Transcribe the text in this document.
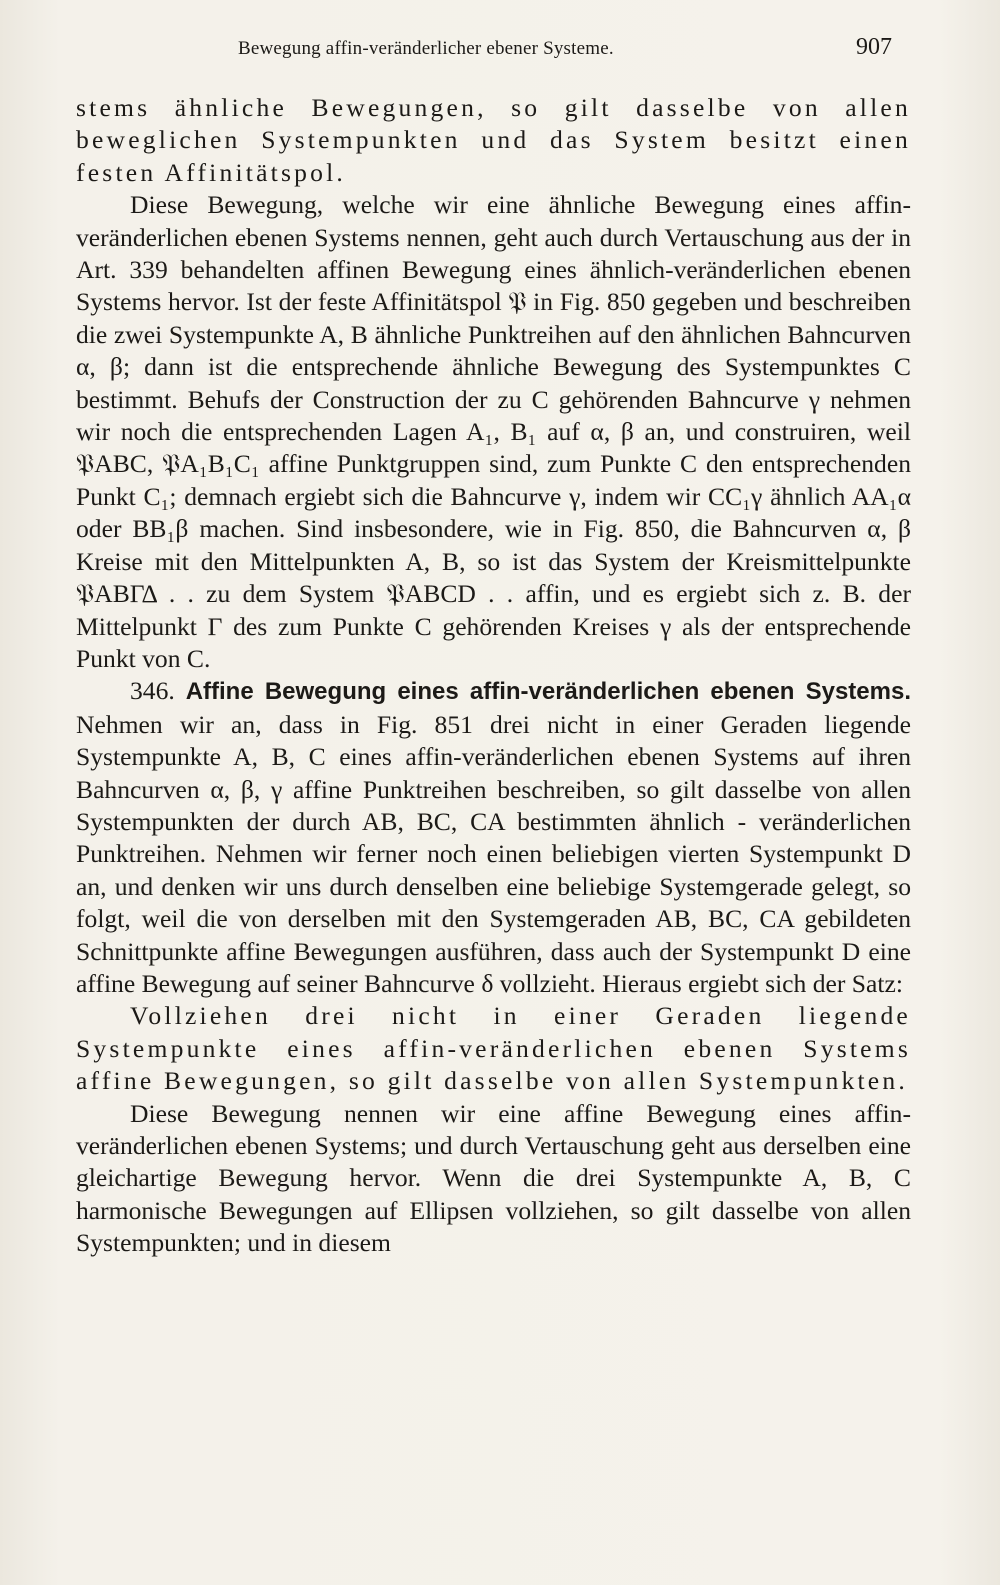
Bewegung affin-veränderlicher ebener Systeme.	907

stems ähnliche Bewegungen, so gilt dasselbe von allen beweglichen Systempunkten und das System besitzt einen festen Affinitätspol.

Diese Bewegung, welche wir eine ähnliche Bewegung eines affin-veränderlichen ebenen Systems nennen, geht auch durch Vertauschung aus der in Art. 339 behandelten affinen Bewegung eines ähnlich-veränderlichen ebenen Systems hervor. Ist der feste Affinitätspol 𝔓 in Fig. 850 gegeben und beschreiben die zwei Systempunkte A, B ähnliche Punktreihen auf den ähnlichen Bahncurven α, β; dann ist die entsprechende ähnliche Bewegung des Systempunktes C bestimmt. Behufs der Construction der zu C gehörenden Bahncurve γ nehmen wir noch die entsprechenden Lagen A₁, B₁ auf α, β an, und construiren, weil 𝔓ABC, 𝔓A₁B₁C₁ affine Punktgruppen sind, zum Punkte C den entsprechenden Punkt C₁; demnach ergiebt sich die Bahncurve γ, indem wir CC₁γ ähnlich AA₁α oder BB₁β machen. Sind insbesondere, wie in Fig. 850, die Bahncurven α, β Kreise mit den Mittelpunkten A, B, so ist das System der Kreismittelpunkte 𝔓ABΓΔ . . zu dem System 𝔓ABCD . . affin, und es ergiebt sich z. B. der Mittelpunkt Γ des zum Punkte C gehörenden Kreises γ als der entsprechende Punkt von C.

346. Affine Bewegung eines affin-veränderlichen ebenen Systems. Nehmen wir an, dass in Fig. 851 drei nicht in einer Geraden liegende Systempunkte A, B, C eines affin-veränderlichen ebenen Systems auf ihren Bahncurven α, β, γ affine Punktreihen beschreiben, so gilt dasselbe von allen Systempunkten der durch AB, BC, CA bestimmten ähnlich - veränderlichen Punktreihen. Nehmen wir ferner noch einen beliebigen vierten Systempunkt D an, und denken wir uns durch denselben eine beliebige Systemgerade gelegt, so folgt, weil die von derselben mit den Systemgeraden AB, BC, CA gebildeten Schnittpunkte affine Bewegungen ausführen, dass auch der Systempunkt D eine affine Bewegung auf seiner Bahncurve δ vollzieht. Hieraus ergiebt sich der Satz:

Vollziehen drei nicht in einer Geraden liegende Systempunkte eines affin-veränderlichen ebenen Systems affine Bewegungen, so gilt dasselbe von allen Systempunkten.

Diese Bewegung nennen wir eine affine Bewegung eines affin-veränderlichen ebenen Systems; und durch Vertauschung geht aus derselben eine gleichartige Bewegung hervor. Wenn die drei Systempunkte A, B, C harmonische Bewegungen auf Ellipsen vollziehen, so gilt dasselbe von allen Systempunkten; und in diesem
